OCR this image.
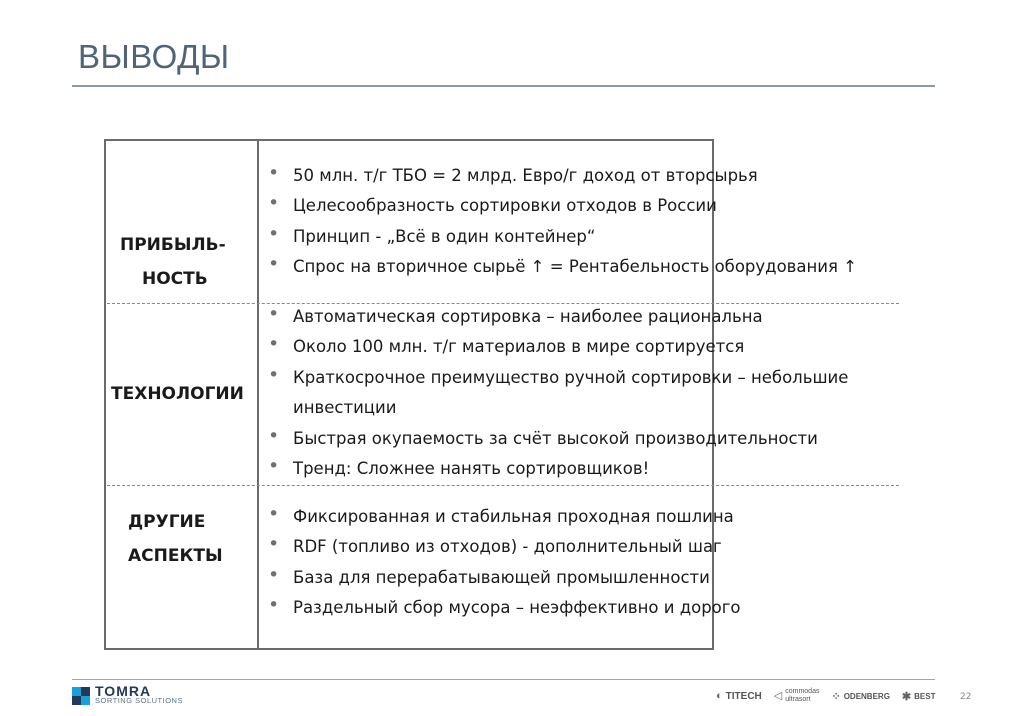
ВЫВОДЫ
ПРИБЫЛЬ-
НОСТЬ
• 50 млн. т/г ТБО = 2 млрд. Евро/г доход от вторсырья
• Целесообразность сортировки отходов в России
• Принцип - „Всё в один контейнер“
• Спрос на вторичное сырьё ↑ = Рентабельность оборудования ↑
ТЕХНОЛОГИИ
• Автоматическая сортировка – наиболее рациональна
• Около 100 млн. т/г материалов в мире сортируется
• Краткосрочное преимущество ручной сортировки – небольшие инвестиции
• Быстрая окупаемость за счёт высокой производительности
• Тренд: Сложнее нанять сортировщиков!
ДРУГИЕ
АСПЕКТЫ
• Фиксированная и стабильная проходная пошлина
• RDF (топливо из отходов) - дополнительный шаг
• База для перерабатывающей промышленности
• Раздельный сбор мусора – неэффективно и дорого
TOMRA
SORTING SOLUTIONS	◐ TITECH ◁ commodas
ultrasort	⁘ ODENBERG ✱ BEST	22
